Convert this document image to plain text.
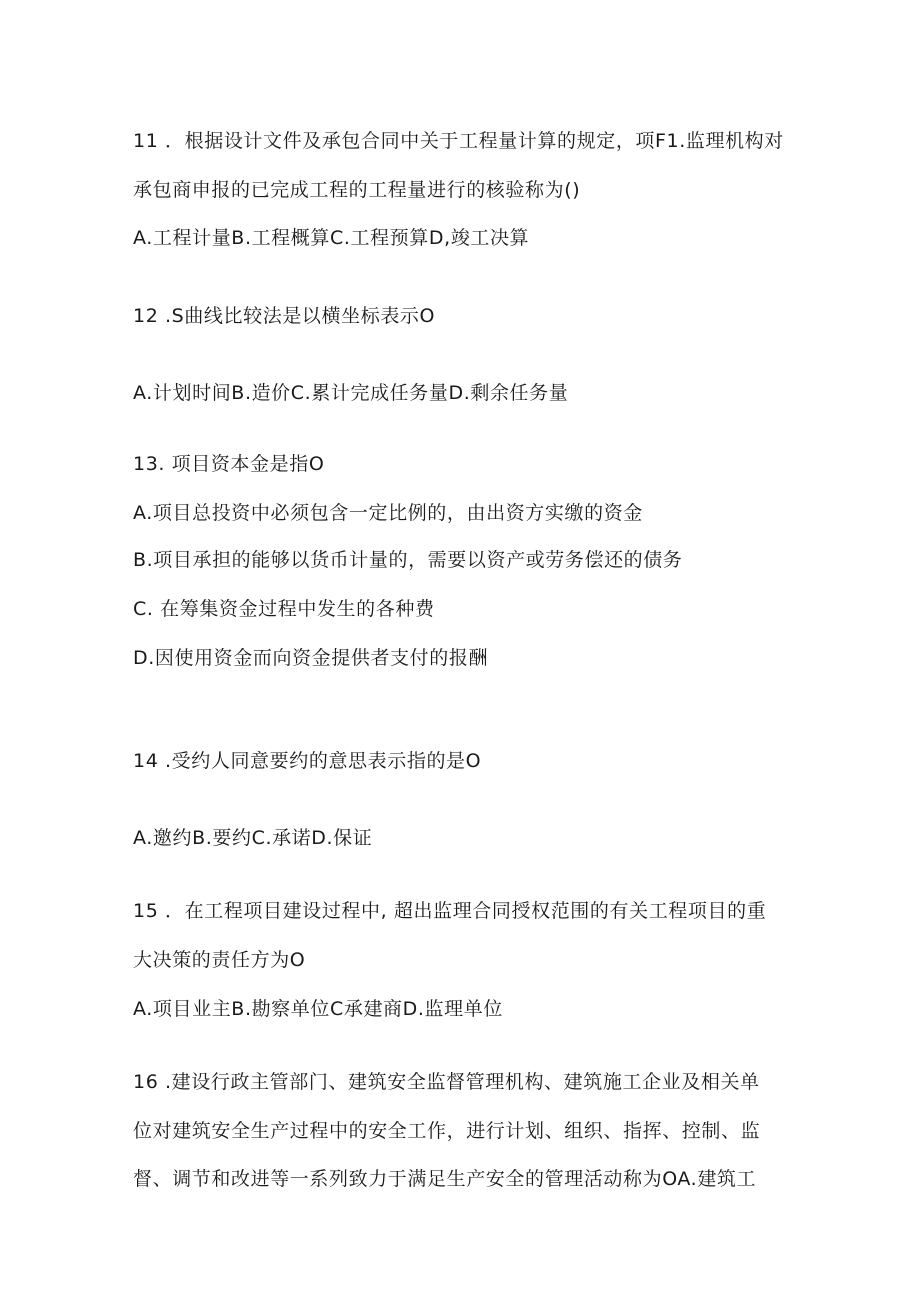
11 ．根据设计文件及承包合同中关于工程量计算的规定，项F1.监理机构对
承包商申报的已完成工程的工程量进行的核验称为()
A.工程计量B.工程概算C.工程预算D,竣工决算
12 .S曲线比较法是以横坐标表示O
A.计划时间B.造价C.累计完成任务量D.剩余任务量
13. 项目资本金是指O
A.项目总投资中必须包含一定比例的，由出资方实缴的资金
B.项目承担的能够以货币计量的，需要以资产或劳务偿还的债务
C. 在筹集资金过程中发生的各种费
D.因使用资金而向资金提供者支付的报酬
14 .受约人同意要约的意思表示指的是O
A.邀约B.要约C.承诺D.保证
15 ．在工程项目建设过程中, 超出监理合同授权范围的有关工程项目的重
大决策的责任方为O
A.项目业主B.勘察单位C承建商D.监理单位
16 .建设行政主管部门、建筑安全监督管理机构、建筑施工企业及相关单
位对建筑安全生产过程中的安全工作，进行计划、组织、指挥、控制、监
督、调节和改进等一系列致力于满足生产安全的管理活动称为OA.建筑工
